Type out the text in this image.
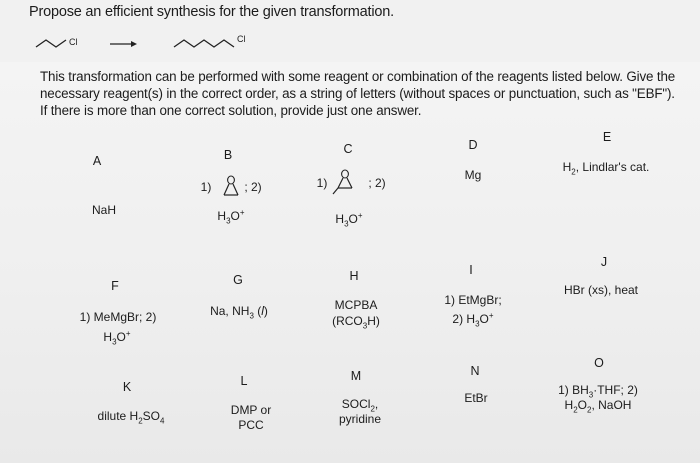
Propose an efficient synthesis for the given transformation.
Cl	Cl
This transformation can be performed with some reagent or combination of the reagents listed below. Give the necessary reagent(s) in the correct order, as a string of letters (without spaces or punctuation, such as "EBF"). If there is more than one correct solution, provide just one answer.
A
NaH
B
1)	; 2)
$H_3O^+$
C
1)	; 2)
$H_3O^+$
D
Mg
E
$H_2$, Lindlar's cat.
F
1) MeMgBr; 2)
$H_3O^+$
G
Na, $NH_3$ (l)
H
MCPBA
$(RCO_3H)$
I
1) EtMgBr;
2) $H_3O^+$
J
HBr (xs), heat
K
dilute $H_2SO_4$
L
DMP or
PCC
M
SOCl$_2$,
pyridine
N
EtBr
O
1) $BH_3\cdot THF$; 2)
$H_2O_2$, NaOH
